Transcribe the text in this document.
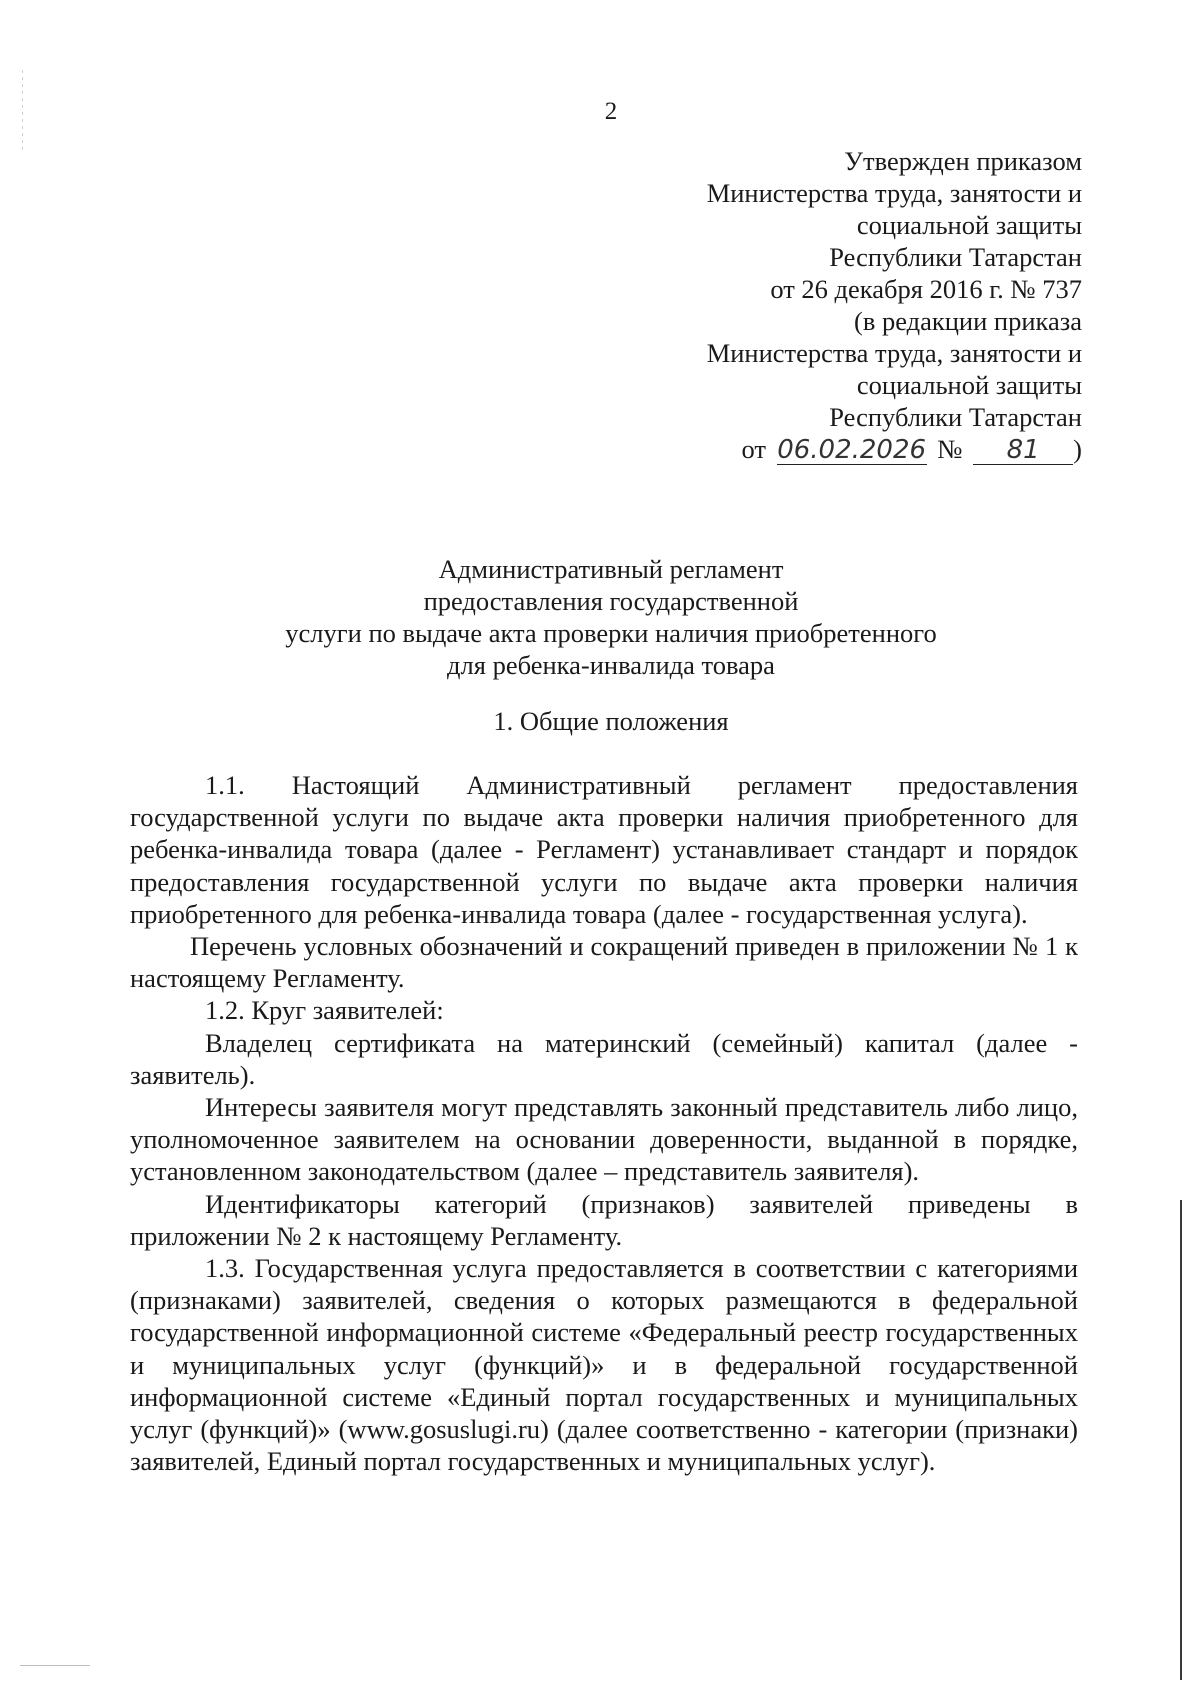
2
Утвержден приказом
Министерства труда, занятости и
социальной защиты
Республики Татарстан
от 26 декабря 2016 г. № 737
(в редакции приказа
Министерства труда, занятости и
социальной защиты
Республики Татарстан
от 06.02.2026 № 81 )
Административный регламент
предоставления государственной
услуги по выдаче акта проверки наличия приобретенного
для ребенка-инвалида товара
1. Общие положения

1.1. Настоящий Административный регламент предоставления государственной услуги по выдаче акта проверки наличия приобретенного для ребенка-инвалида товара (далее - Регламент) устанавливает стандарт и порядок предоставления государственной услуги по выдаче акта проверки наличия приобретенного для ребенка-инвалида товара (далее - государственная услуга).

Перечень условных обозначений и сокращений приведен в приложении № 1 к настоящему Регламенту.

1.2. Круг заявителей:

Владелец сертификата на материнский (семейный) капитал (далее - заявитель).

Интересы заявителя могут представлять законный представитель либо лицо, уполномоченное заявителем на основании доверенности, выданной в порядке, установленном законодательством (далее – представитель заявителя).

Идентификаторы категорий (признаков) заявителей приведены в приложении № 2 к настоящему Регламенту.

1.3. Государственная услуга предоставляется в соответствии с категориями (признаками) заявителей, сведения о которых размещаются в федеральной государственной информационной системе «Федеральный реестр государственных и муниципальных услуг (функций)» и в федеральной государственной информационной системе «Единый портал государственных и муниципальных услуг (функций)» (www.gosuslugi.ru) (далее соответственно - категории (признаки) заявителей, Единый портал государственных и муниципальных услуг).
